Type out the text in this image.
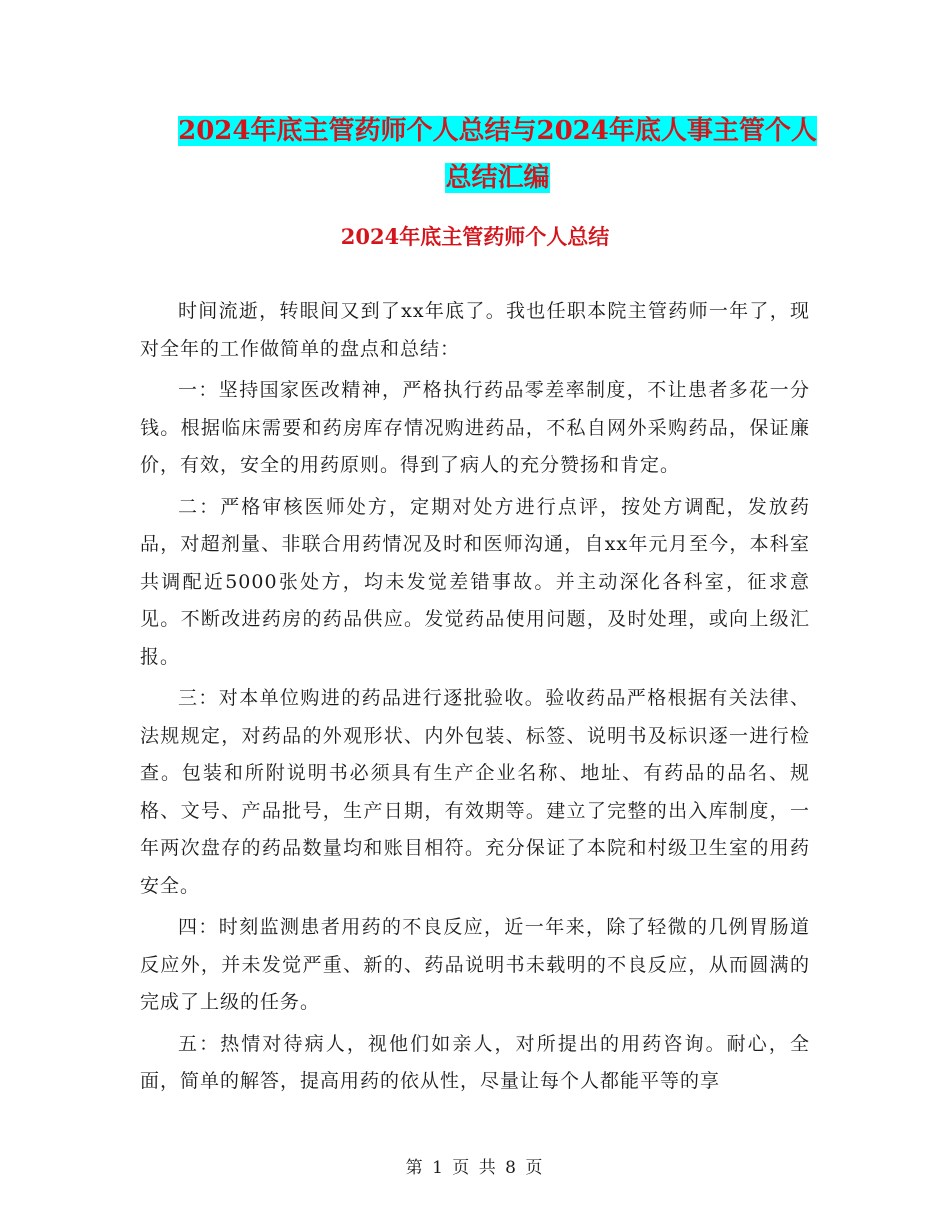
2024年底主管药师个人总结与2024年底人事主管个人
总结汇编
2024年底主管药师个人总结

时间流逝，转眼间又到了xx年底了。我也任职本院主管药师一年了，现对全年的工作做简单的盘点和总结：

一：坚持国家医改精神，严格执行药品零差率制度，不让患者多花一分钱。根据临床需要和药房库存情况购进药品，不私自网外采购药品，保证廉价，有效，安全的用药原则。得到了病人的充分赞扬和肯定。

二：严格审核医师处方，定期对处方进行点评，按处方调配，发放药品，对超剂量、非联合用药情况及时和医师沟通，自xx年元月至今，本科室共调配近5000张处方，均未发觉差错事故。并主动深化各科室，征求意见。不断改进药房的药品供应。发觉药品使用问题，及时处理，或向上级汇报。

三：对本单位购进的药品进行逐批验收。验收药品严格根据有关法律、法规规定，对药品的外观形状、内外包装、标签、说明书及标识逐一进行检查。包装和所附说明书必须具有生产企业名称、地址、有药品的品名、规格、文号、产品批号，生产日期，有效期等。建立了完整的出入库制度，一年两次盘存的药品数量均和账目相符。充分保证了本院和村级卫生室的用药安全。

四：时刻监测患者用药的不良反应，近一年来，除了轻微的几例胃肠道反应外，并未发觉严重、新的、药品说明书未载明的不良反应，从而圆满的完成了上级的任务。

五：热情对待病人，视他们如亲人，对所提出的用药咨询。耐心，全面，简单的解答，提高用药的依从性，尽量让每个人都能平等的享

第 1 页 共 8 页
